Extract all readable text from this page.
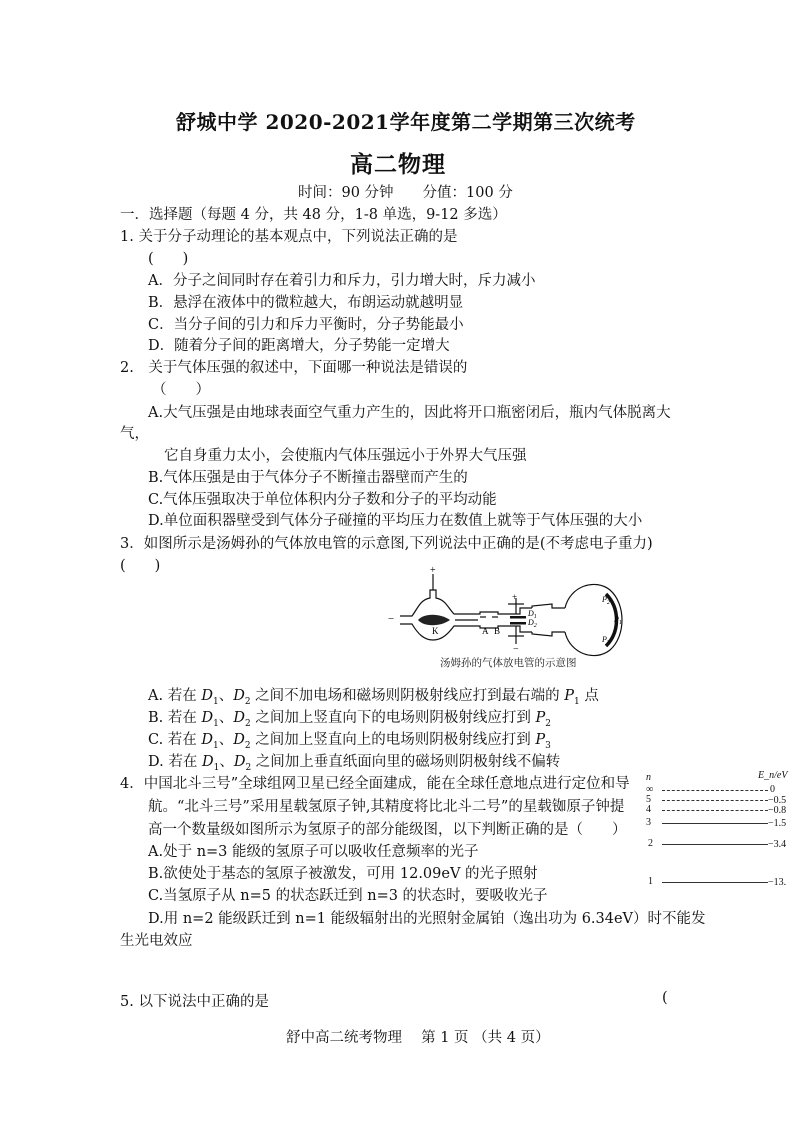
舒城中学 2020-2021学年度第二学期第三次统考
高二物理
时间：90 分钟　　分值：100 分
一．选择题（每题 4 分，共 48 分，1-8 单选，9-12 多选）
1. 关于分子动理论的基本观点中，下列说法正确的是
(　　)
A．分子之间同时存在着引力和斥力，引力增大时，斥力减小
B．悬浮在液体中的微粒越大，布朗运动就越明显
C．当分子间的引力和斥力平衡时，分子势能最小
D．随着分子间的距离增大，分子势能一定增大
2.　关于气体压强的叙述中，下面哪一种说法是错误的
（　　）
A.大气压强是由地球表面空气重力产生的，因此将开口瓶密闭后，瓶内气体脱离大
气，
它自身重力太小，会使瓶内气体压强远小于外界大气压强
B.气体压强是由于气体分子不断撞击器壁而产生的
C.气体压强取决于单位体积内分子数和分子的平均动能
D.单位面积器壁受到气体分子碰撞的平均压力在数值上就等于气体压强的大小
3．如图所示是汤姆孙的气体放电管的示意图,下列说法中正确的是(不考虑电子重力)
(　　)	+
−
K	A B
+
−
$D_1$
$D_2$
$P_2$
$P_1$
$P_3$
汤姆孙的气体放电管的示意图
A. 若在 $D_1$、$D_2$ 之间不加电场和磁场则阴极射线应打到最右端的 $P_1$ 点
B. 若在 $D_1$、$D_2$ 之间加上竖直向下的电场则阴极射线应打到 $P_2$
C. 若在 $D_1$、$D_2$ 之间加上竖直向上的电场则阴极射线应打到 $P_3$
D. 若在 $D_1$、$D_2$ 之间加上垂直纸面向里的磁场则阴极射线不偏转
4．中国北斗三号”全球组网卫星已经全面建成，能在全球任意地点进行定位和导
航。“北斗三号”采用星载氢原子钟,其精度将比北斗二号”的星载铷原子钟提
高一个数量级如图所示为氢原子的部分能级图，以下判断正确的是（　　）
A.处于 n=3 能级的氢原子可以吸收任意频率的光子
B.欲使处于基态的氢原子被激发，可用 12.09eV 的光子照射
C.当氢原子从 n=5 的状态跃迁到 n=3 的状态时，要吸收光子
D.用 n=2 能级跃迁到 n=1 能级辐射出的光照射金属铂（逸出功为 6.34eV）时不能发
生光电效应
n	E_n/eV
∞	0
5	−0.5
4	−0.8
3	−1.5
2	−3.4
1	−13.
5. 以下说法中正确的是	(
舒中高二统考物理　 第 1 页 （共 4 页）
